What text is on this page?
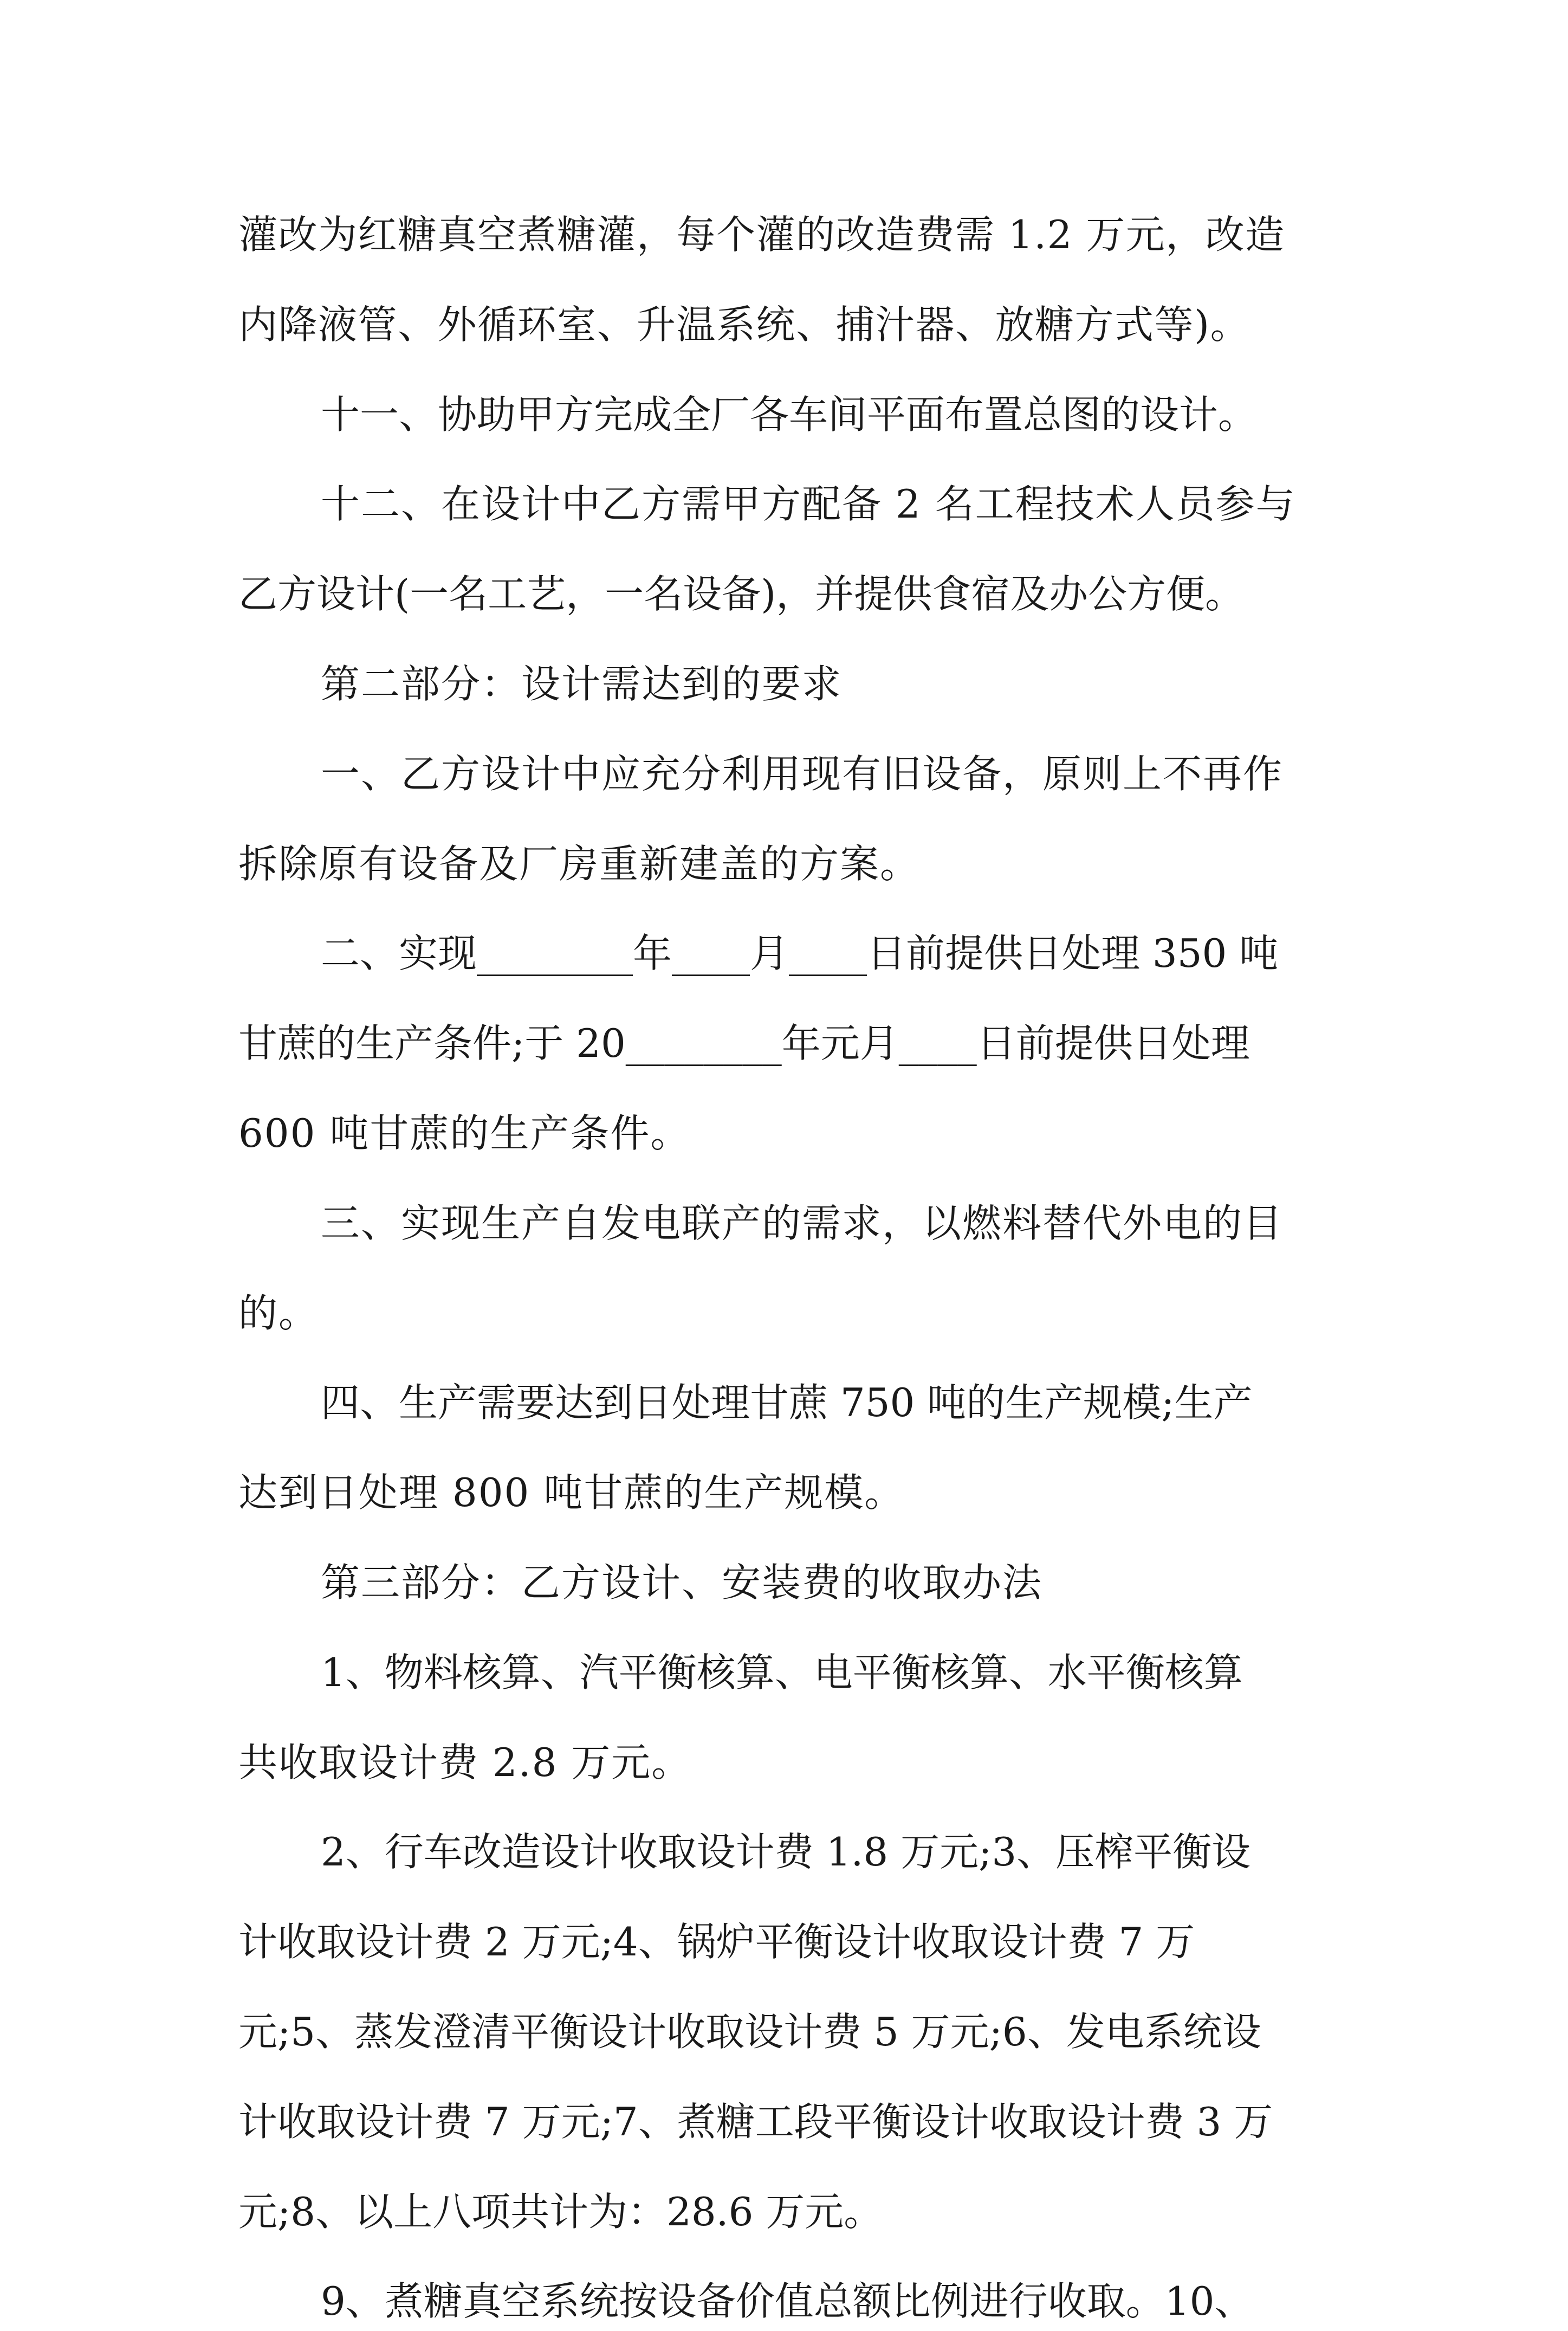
灌改为红糖真空煮糖灌，每个灌的改造费需 1.2 万元，改造
内降液管、外循环室、升温系统、捕汁器、放糖方式等)。
十一、协助甲方完成全厂各车间平面布置总图的设计。
十二、在设计中乙方需甲方配备 2 名工程技术人员参与
乙方设计(一名工艺，一名设备)，并提供食宿及办公方便。
第二部分：设计需达到的要求
一、乙方设计中应充分利用现有旧设备，原则上不再作
拆除原有设备及厂房重新建盖的方案。
二、实现________年____月____日前提供日处理 350 吨
甘蔗的生产条件;于 20________年元月____日前提供日处理
600 吨甘蔗的生产条件。
三、实现生产自发电联产的需求，以燃料替代外电的目
的。
四、生产需要达到日处理甘蔗 750 吨的生产规模;生产
达到日处理 800 吨甘蔗的生产规模。
第三部分：乙方设计、安装费的收取办法
1、物料核算、汽平衡核算、电平衡核算、水平衡核算
共收取设计费 2.8 万元。
2、行车改造设计收取设计费 1.8 万元;3、压榨平衡设
计收取设计费 2 万元;4、锅炉平衡设计收取设计费 7 万
元;5、蒸发澄清平衡设计收取设计费 5 万元;6、发电系统设
计收取设计费 7 万元;7、煮糖工段平衡设计收取设计费 3 万
元;8、以上八项共计为：28.6 万元。
9、煮糖真空系统按设备价值总额比例进行收取。10、
